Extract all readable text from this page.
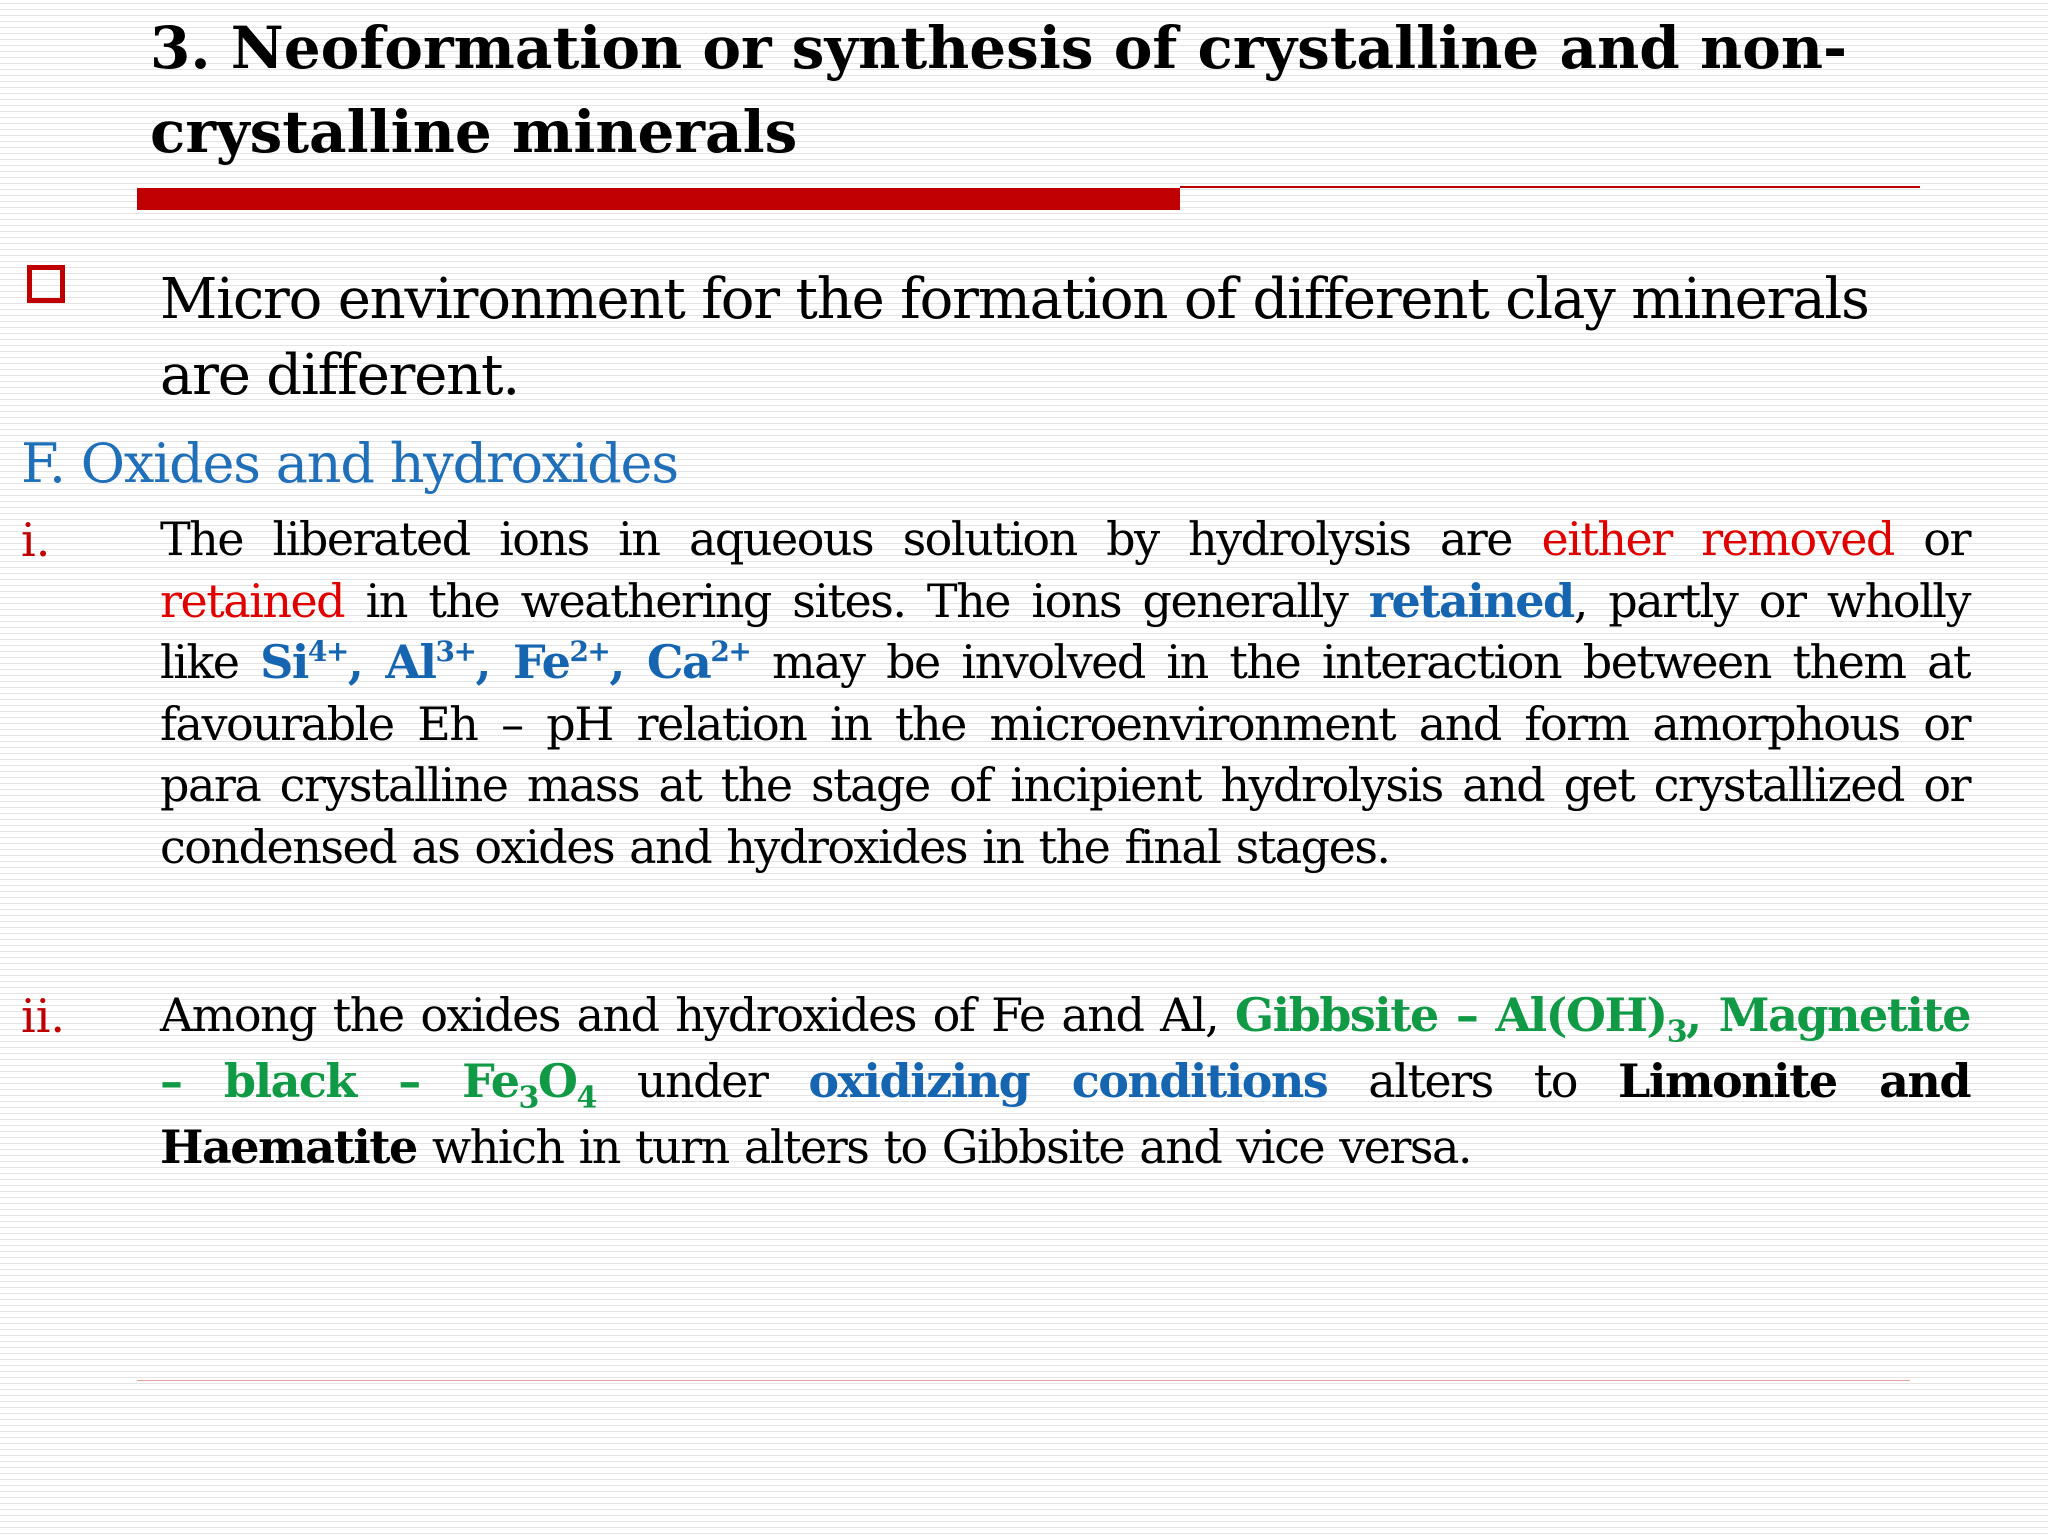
3. Neoformation or synthesis of crystalline and non-crystalline minerals

Micro environment for the formation of different clay minerals are different.

F. Oxides and hydroxides
i. The liberated ions in aqueous solution by hydrolysis are either removed or retained in the weathering sites. The ions generally retained, partly or wholly like $Si^{4+}$, $Al^{3+}$, $Fe^{2+}$, $Ca^{2+}$ may be involved in the interaction between them at favourable Eh – pH relation in the microenvironment and form amorphous or para crystalline mass at the stage of incipient hydrolysis and get crystallized or condensed as oxides and hydroxides in the final stages.

ii. Among the oxides and hydroxides of Fe and Al, Gibbsite – $Al(OH)_3$, Magnetite – black – $Fe_3O_4$ under oxidizing conditions alters to Limonite and Haematite which in turn alters to Gibbsite and vice versa.
